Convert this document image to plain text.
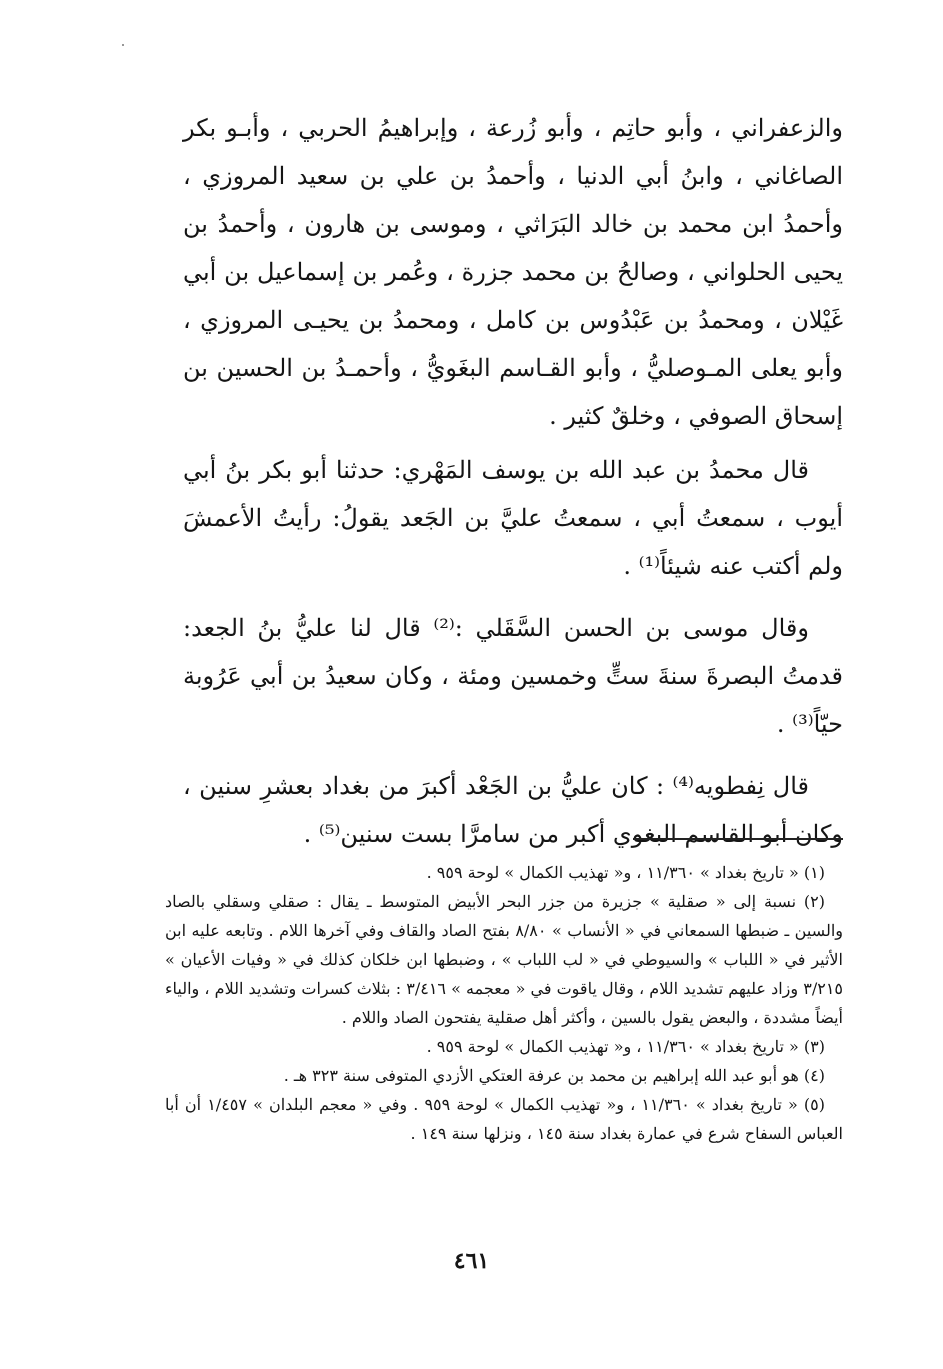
والزعفراني ، وأبو حاتِم ، وأبو زُرعة ، وإبراهيمُ الحربي ، وأبـو بكر الصاغاني ، وابنُ أبي الدنيا ، وأحمدُ بن علي بن سعيد المروزي ، وأحمدُ ابن محمد بن خالد البَرَاثي ، وموسى بن هارون ، وأحمدُ بن يحيى الحلواني ، وصالحُ بن محمد جزرة ، وعُمر بن إسماعيل بن أبي غَيْلان ، ومحمدُ بن عَبْدُوس بن كامل ، ومحمدُ بن يحيـى المروزي ، وأبو يعلى المـوصليُّ ، وأبو القـاسم البغَويُّ ، وأحمـدُ بن الحسين بن إسحاق الصوفي ، وخلقٌ كثير .

قال محمدُ بن عبد الله بن يوسف المَهْري: حدثنا أبو بكر بنُ أبي أيوب ، سمعتُ أبي ، سمعتُ عليَّ بن الجَعد يقولُ: رأيتُ الأعمشَ ولم أكتب عنه شيئاً⁽¹⁾ .

وقال موسى بن الحسن السَّقَلي :⁽²⁾ قال لنا عليُّ بنُ الجعد: قدمتُ البصرةَ سنةَ ستٍّ وخمسين ومئة ، وكان سعيدُ بن أبي عَرُوبة حيّاً⁽³⁾ .

قال نِفطويه⁽⁴⁾ : كان عليُّ بن الجَعْد أكبرَ من بغداد بعشرِ سنين ، وكان أبو القاسم البغوي أكبر من سامرَّا بست سنين⁽⁵⁾ .

(١) « تاريخ بغداد » ١١/٣٦٠ ، و« تهذيب الكمال » لوحة ٩٥٩ .

(٢) نسبة إلى « صقلية » جزيرة من جزر البحر الأبيض المتوسط ـ يقال : صقلي وسقلي بالصاد والسين ـ ضبطها السمعاني في « الأنساب » ٨/٨٠ بفتح الصاد والقاف وفي آخرها اللام . وتابعه عليه ابن الأثير في « اللباب » والسيوطي في « لب اللباب » ، وضبطها ابن خلكان كذلك في « وفيات الأعيان » ٣/٢١٥ وزاد عليهم تشديد اللام ، وقال ياقوت في « معجمه » ٣/٤١٦ : بثلاث كسرات وتشديد اللام ، والياء أيضاً مشددة ، والبعض يقول بالسين ، وأكثر أهل صقلية يفتحون الصاد واللام .

(٣) « تاريخ بغداد » ١١/٣٦٠ ، و« تهذيب الكمال » لوحة ٩٥٩ .

(٤) هو أبو عبد الله إبراهيم بن محمد بن عرفة العتكي الأزدي المتوفى سنة ٣٢٣ هـ .

(٥) « تاريخ بغداد » ١١/٣٦٠ ، و« تهذيب الكمال » لوحة ٩٥٩ . وفي « معجم البلدان » ١/٤٥٧ أن أبا العباس السفاح شرع في عمارة بغداد سنة ١٤٥ ، ونزلها سنة ١٤٩ .

٤٦١
